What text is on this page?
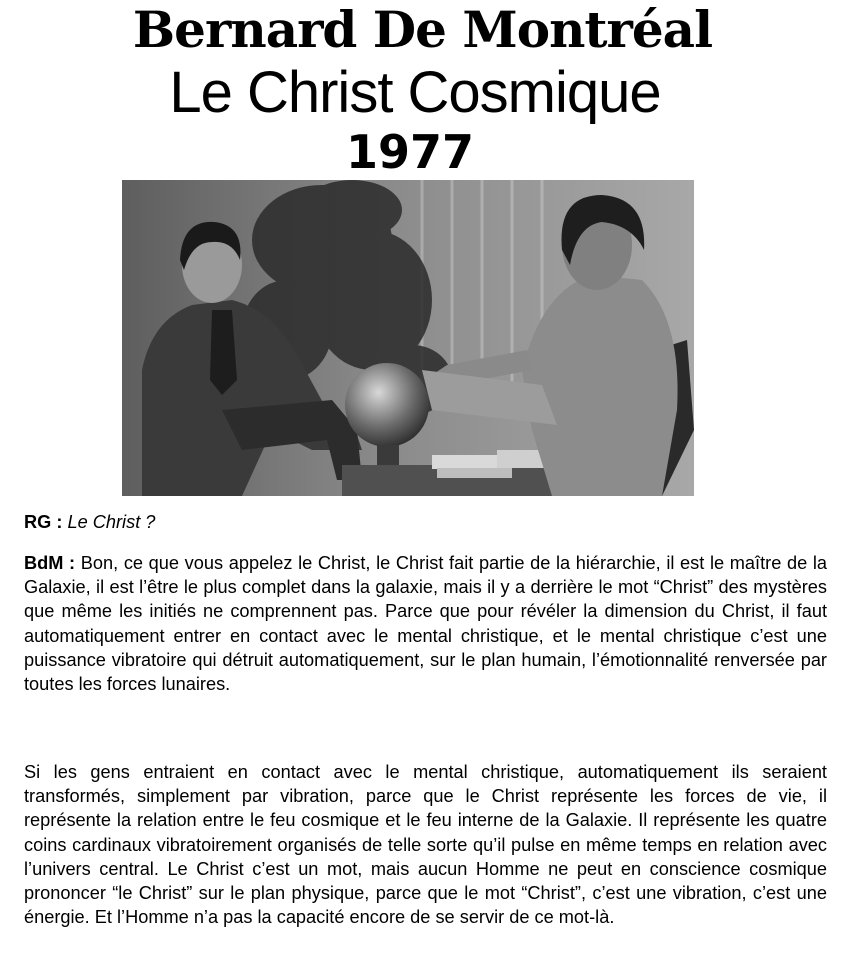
Bernard De Montréal
Le Christ Cosmique
1977
RG : Le Christ ?
BdM : Bon, ce que vous appelez le Christ, le Christ fait partie de la hiérarchie, il est le maître de la Galaxie, il est l’être le plus complet dans la galaxie, mais il y a derrière le mot “Christ” des mystères que même les initiés ne comprennent pas. Parce que pour révéler la dimension du Christ, il faut automatiquement entrer en contact avec le mental christique, et le mental christique c’est une puissance vibratoire qui détruit automatiquement, sur le plan humain, l’émotionnalité renversée par toutes les forces lunaires.
Si les gens entraient en contact avec le mental christique, automatiquement ils seraient transformés, simplement par vibration, parce que le Christ représente les forces de vie, il représente la relation entre le feu cosmique et le feu interne de la Galaxie. Il représente les quatre coins cardinaux vibratoirement organisés de telle sorte qu’il pulse en même temps en relation avec l’univers central. Le Christ c’est un mot, mais aucun Homme ne peut en conscience cosmique prononcer “le Christ” sur le plan physique, parce que le mot “Christ”, c’est une vibration, c’est une énergie. Et l’Homme n’a pas la capacité encore de se servir de ce mot-là.
